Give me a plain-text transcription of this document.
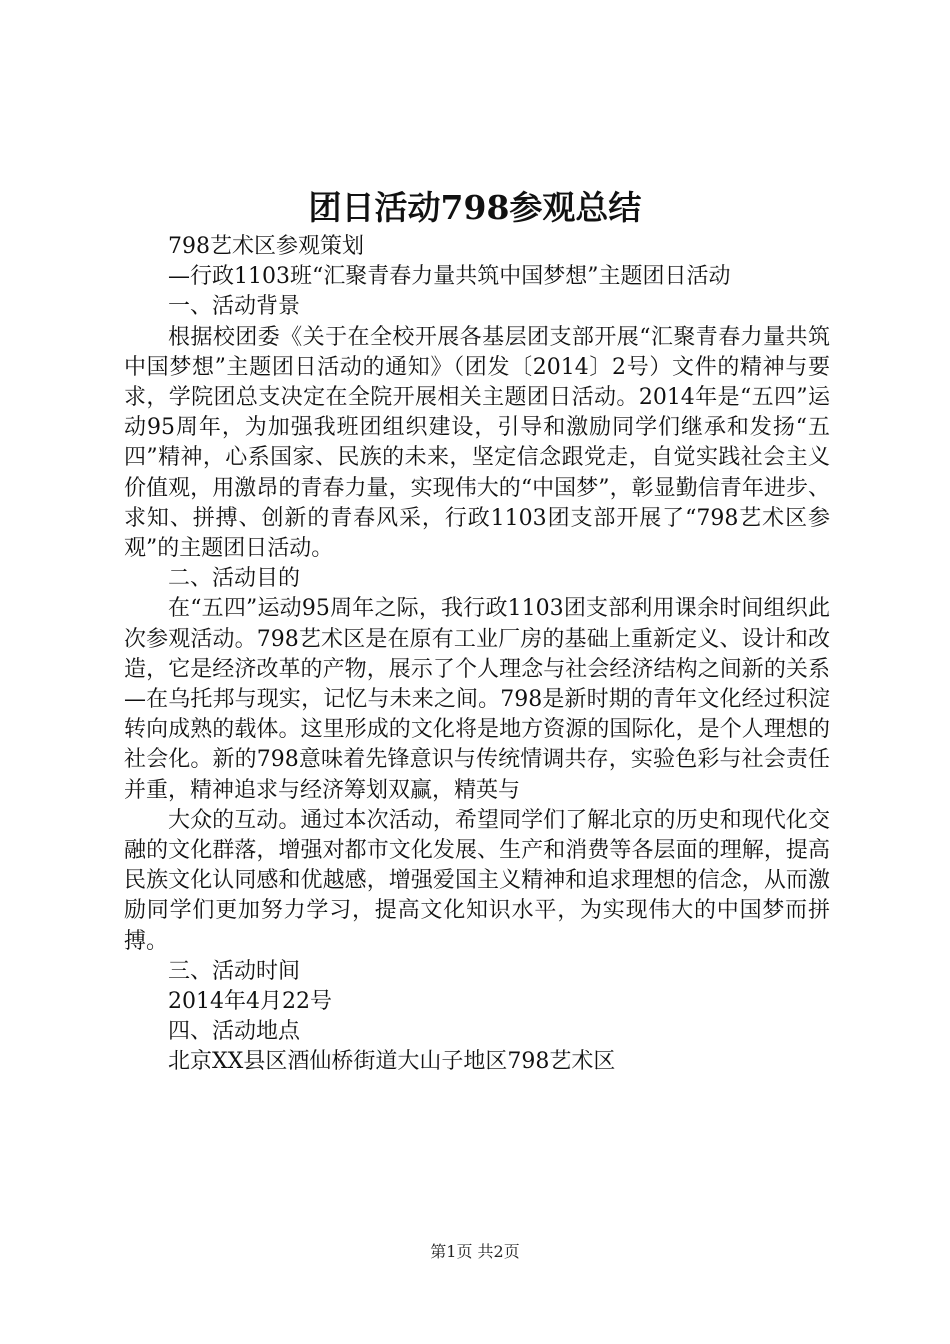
团日活动798参观总结

798艺术区参观策划

—行政1103班“汇聚青春力量共筑中国梦想”主题团日活动

一、活动背景

根据校团委《关于在全校开展各基层团支部开展“汇聚青春力量共筑中国梦想”主题团日活动的通知》（团发〔2014〕2号）文件的精神与要求，学院团总支决定在全院开展相关主题团日活动。2014年是“五四”运动95周年，为加强我班团组织建设，引导和激励同学们继承和发扬“五四”精神，心系国家、民族的未来，坚定信念跟党走，自觉实践社会主义价值观，用激昂的青春力量，实现伟大的“中国梦”，彰显勤信青年进步、求知、拼搏、创新的青春风采，行政1103团支部开展了“798艺术区参观”的主题团日活动。

二、活动目的

在“五四”运动95周年之际，我行政1103团支部利用课余时间组织此次参观活动。798艺术区是在原有工业厂房的基础上重新定义、设计和改造，它是经济改革的产物，展示了个人理念与社会经济结构之间新的关系—在乌托邦与现实，记忆与未来之间。798是新时期的青年文化经过积淀转向成熟的载体。这里形成的文化将是地方资源的国际化，是个人理想的社会化。新的798意味着先锋意识与传统情调共存，实验色彩与社会责任并重，精神追求与经济筹划双赢，精英与

大众的互动。通过本次活动，希望同学们了解北京的历史和现代化交融的文化群落，增强对都市文化发展、生产和消费等各层面的理解，提高民族文化认同感和优越感，增强爱国主义精神和追求理想的信念，从而激励同学们更加努力学习，提高文化知识水平，为实现伟大的中国梦而拼搏。

三、活动时间

2014年4月22号

四、活动地点

北京XX县区酒仙桥街道大山子地区798艺术区

第1页 共2页
